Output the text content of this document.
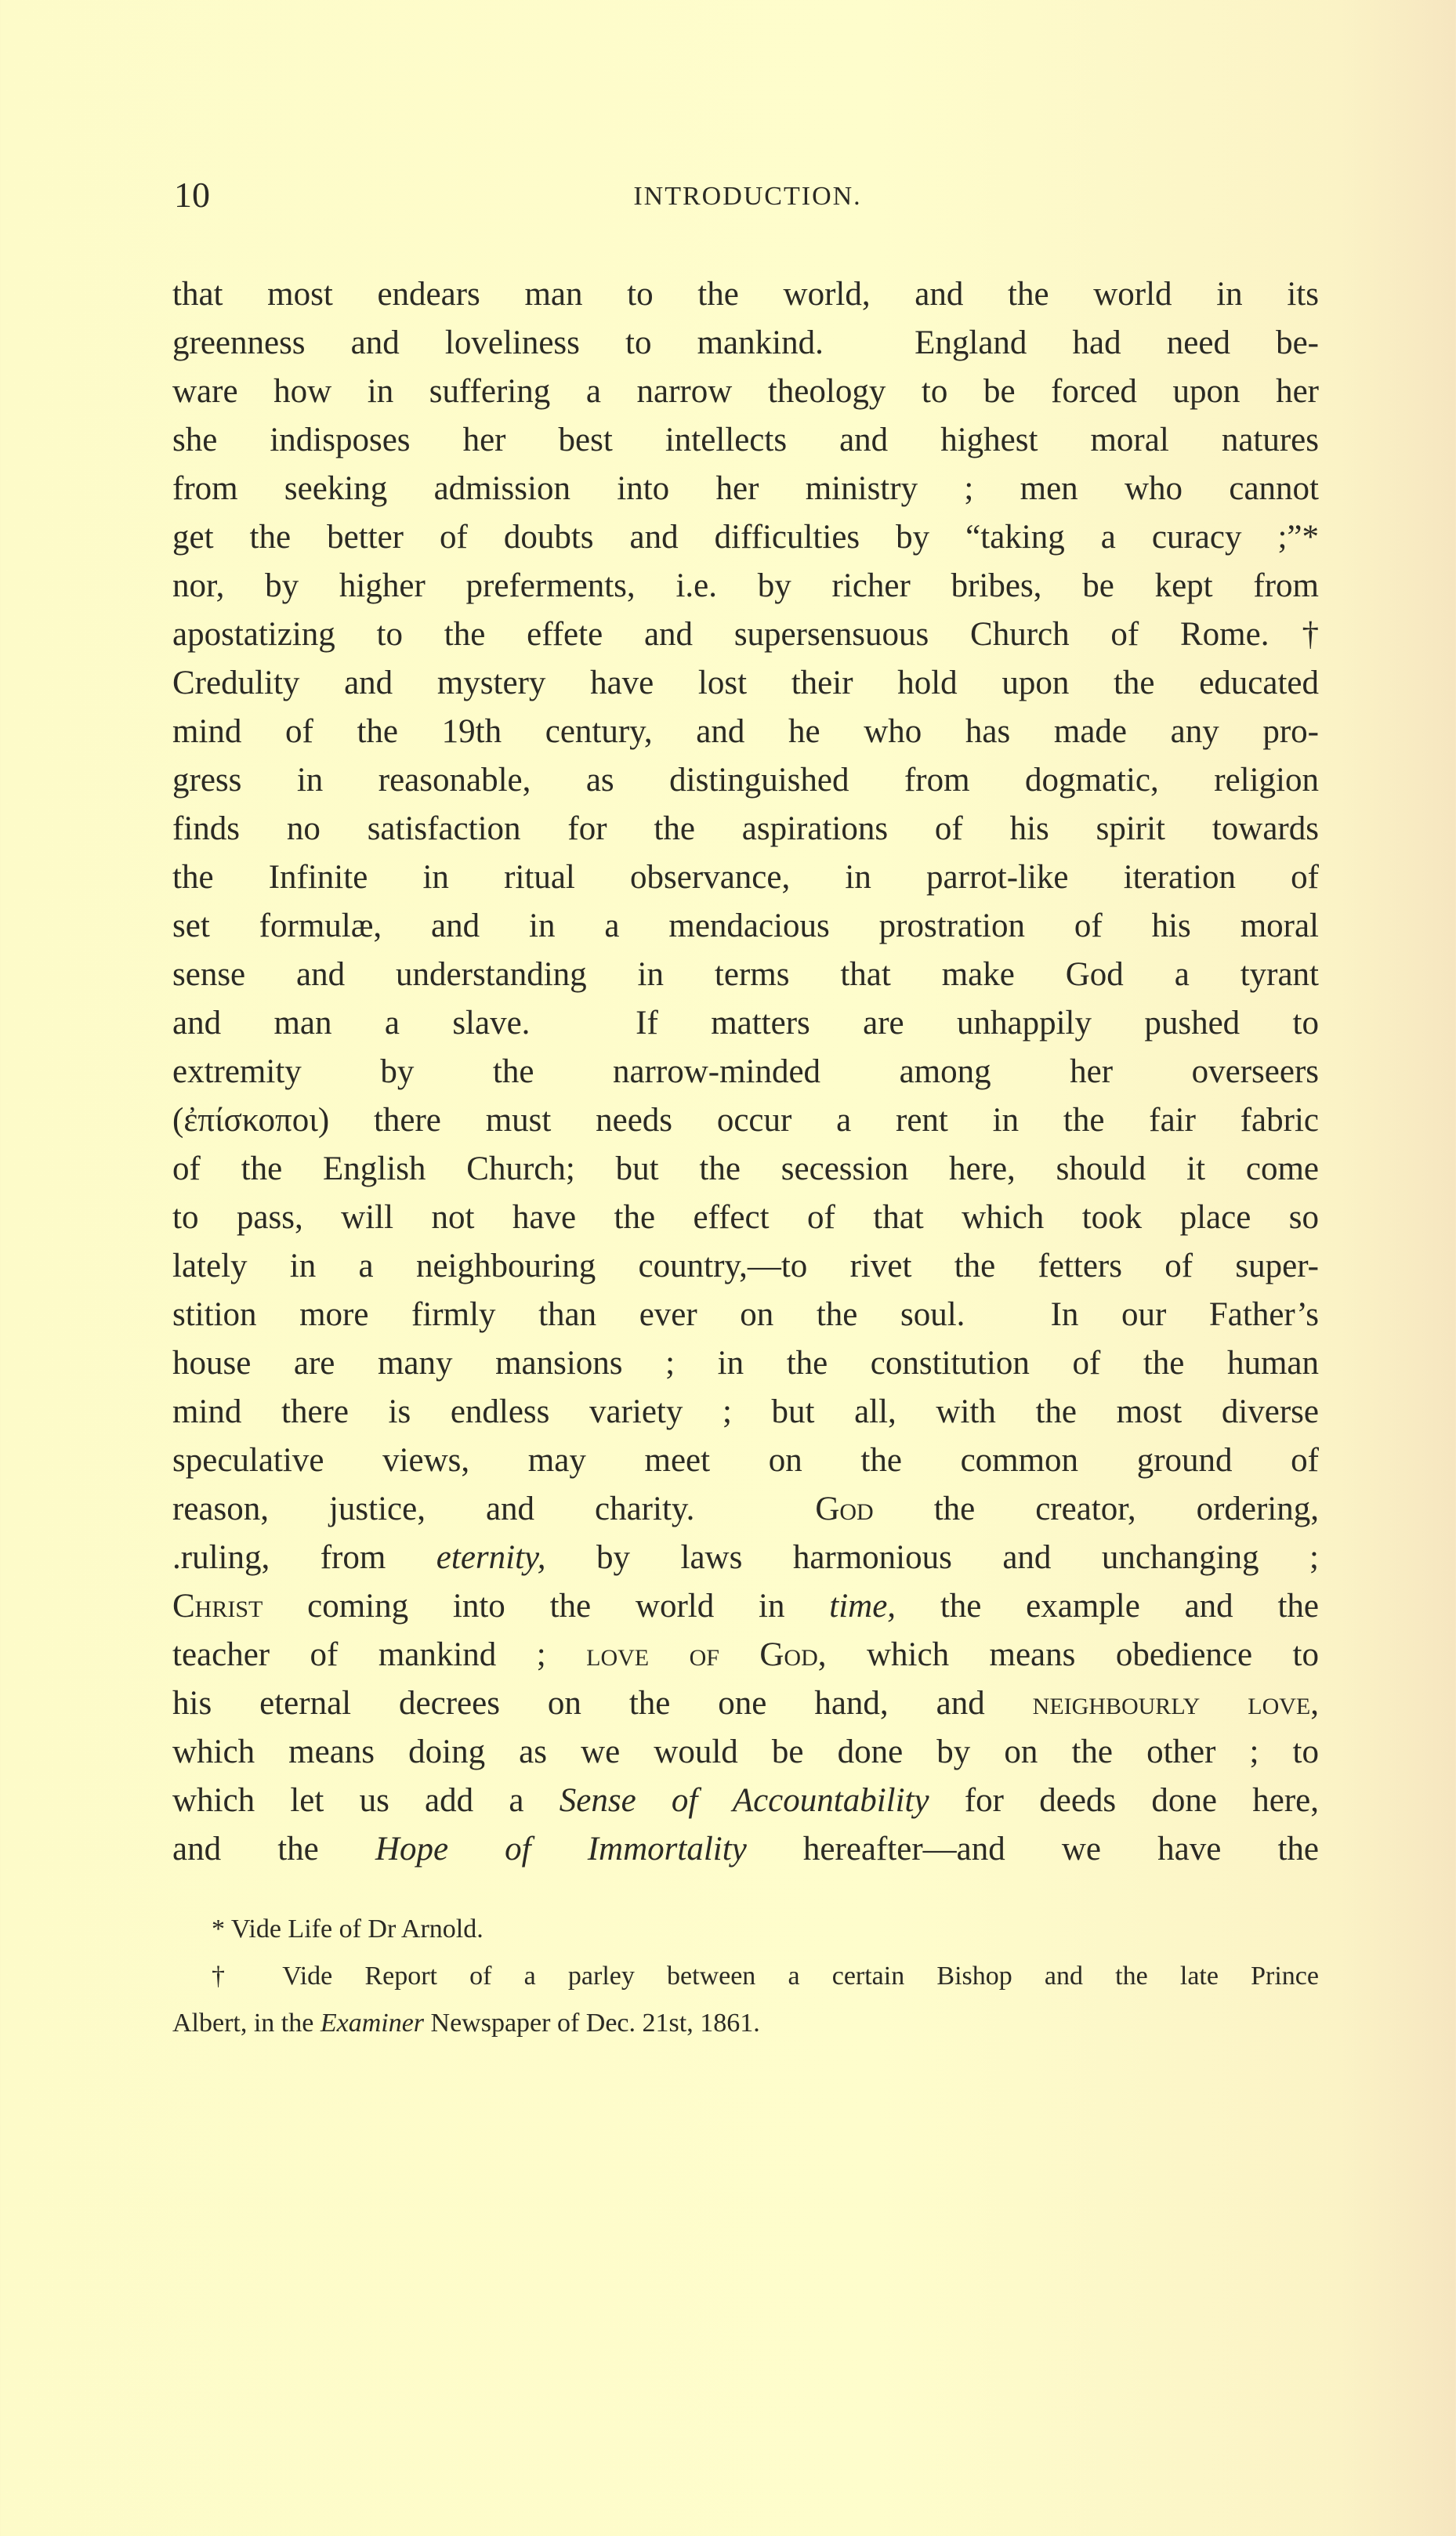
10	INTRODUCTION.
that most endears man to the world, and the world in its
greenness and loveliness to mankind.  England had need be-
ware how in suffering a narrow theology to be forced upon her
she indisposes her best intellects and highest moral natures
from seeking admission into her ministry ; men who cannot
get the better of doubts and difficulties by “taking a curacy ;”*
nor, by higher preferments, i.e. by richer bribes, be kept from
apostatizing to the effete and supersensuous Church of Rome.†
Credulity and mystery have lost their hold upon the educated
mind of the 19th century, and he who has made any pro-
gress in reasonable, as distinguished from dogmatic, religion
finds no satisfaction for the aspirations of his spirit towards
the Infinite in ritual observance, in parrot-like iteration of
set formulæ, and in a mendacious prostration of his moral
sense and understanding in terms that make God a tyrant
and man a slave.  If matters are unhappily pushed to
extremity by the narrow-minded among her overseers
(ἐπίσκοποι) there must needs occur a rent in the fair fabric
of the English Church; but the secession here, should it come
to pass, will not have the effect of that which took place so
lately in a neighbouring country,—to rivet the fetters of super-
stition more firmly than ever on the soul.  In our Father’s
house are many mansions ; in the constitution of the human
mind there is endless variety ; but all, with the most diverse
speculative views, may meet on the common ground of
reason, justice, and charity.  God the creator, ordering,
.ruling, from eternity, by laws harmonious and unchanging ;
Christ coming into the world in time, the example and the
teacher of mankind ; love of God, which means obedience to
his eternal decrees on the one hand, and neighbourly love,
which means doing as we would be done by on the other ; to
which let us add a Sense of Accountability for deeds done here,
and the Hope of Immortality hereafter—and we have the
* Vide Life of Dr Arnold.
† Vide Report of a parley between a certain Bishop and the late Prince
Albert, in the Examiner Newspaper of Dec. 21st, 1861.
